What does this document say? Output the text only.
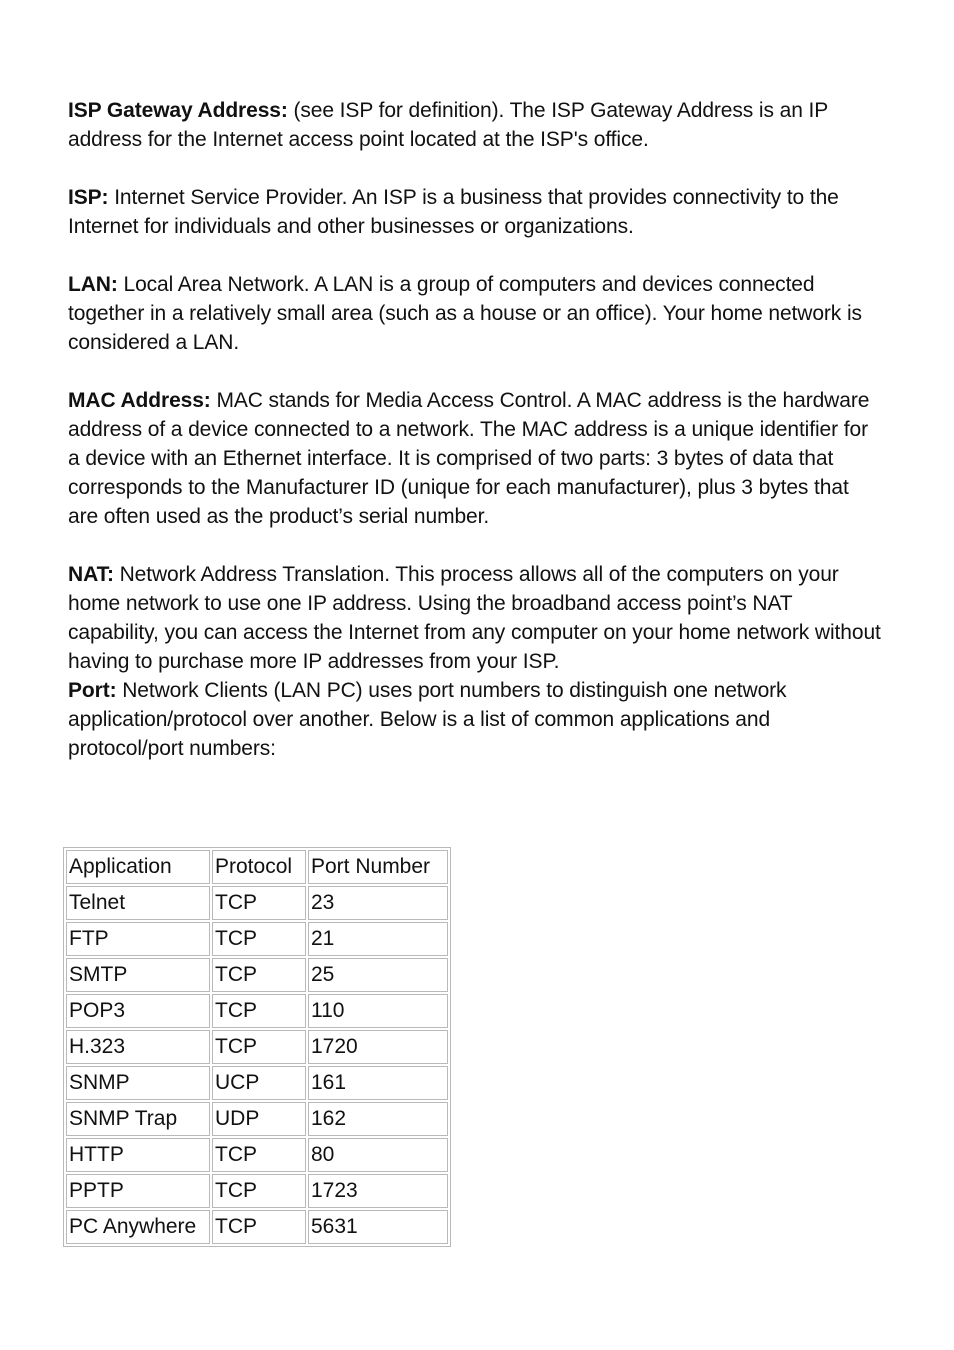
ISP Gateway Address: (see ISP for definition). The ISP Gateway Address is an IP address for the Internet access point located at the ISP's office.

ISP: Internet Service Provider. An ISP is a business that provides connectivity to the Internet for individuals and other businesses or organizations.

LAN: Local Area Network. A LAN is a group of computers and devices connected together in a relatively small area (such as a house or an office). Your home network is considered a LAN.

MAC Address: MAC stands for Media Access Control. A MAC address is the hardware address of a device connected to a network. The MAC address is a unique identifier for a device with an Ethernet interface. It is comprised of two parts: 3 bytes of data that corresponds to the Manufacturer ID (unique for each manufacturer), plus 3 bytes that are often used as the product’s serial number.

NAT: Network Address Translation. This process allows all of the computers on your home network to use one IP address. Using the broadband access point’s NAT capability, you can access the Internet from any computer on your home network without having to purchase more IP addresses from your ISP.

Port: Network Clients (LAN PC) uses port numbers to distinguish one network application/protocol over another. Below is a list of common applications and protocol/port numbers:

Application	Protocol	Port Number
Telnet	TCP	23
FTP	TCP	21
SMTP	TCP	25
POP3	TCP	110
H.323	TCP	1720
SNMP	UCP	161
SNMP Trap	UDP	162
HTTP	TCP	80
PPTP	TCP	1723
PC Anywhere	TCP	5631
